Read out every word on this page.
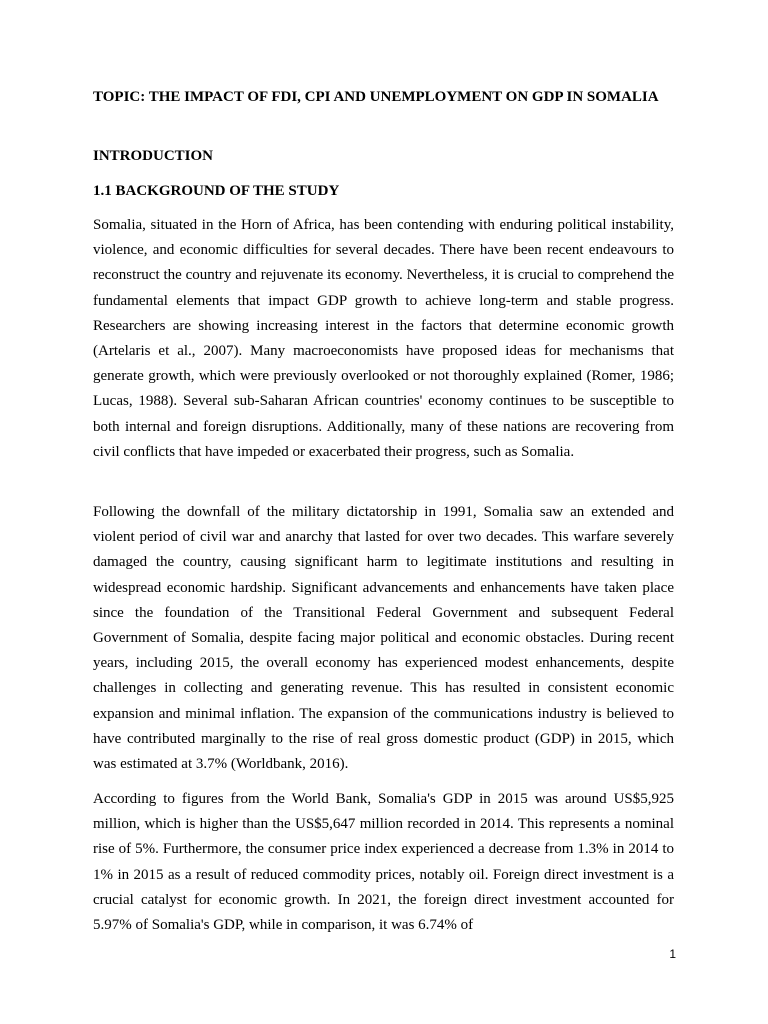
TOPIC: THE IMPACT OF FDI, CPI AND UNEMPLOYMENT ON GDP IN SOMALIA
INTRODUCTION
1.1 BACKGROUND OF THE STUDY

Somalia, situated in the Horn of Africa, has been contending with enduring political instability, violence, and economic difficulties for several decades. There have been recent endeavours to reconstruct the country and rejuvenate its economy. Nevertheless, it is crucial to comprehend the fundamental elements that impact GDP growth to achieve long-term and stable progress. Researchers are showing increasing interest in the factors that determine economic growth (Artelaris et al., 2007). Many macroeconomists have proposed ideas for mechanisms that generate growth, which were previously overlooked or not thoroughly explained (Romer, 1986; Lucas, 1988). Several sub-Saharan African countries' economy continues to be susceptible to both internal and foreign disruptions. Additionally, many of these nations are recovering from civil conflicts that have impeded or exacerbated their progress, such as Somalia.

Following the downfall of the military dictatorship in 1991, Somalia saw an extended and violent period of civil war and anarchy that lasted for over two decades. This warfare severely damaged the country, causing significant harm to legitimate institutions and resulting in widespread economic hardship. Significant advancements and enhancements have taken place since the foundation of the Transitional Federal Government and subsequent Federal Government of Somalia, despite facing major political and economic obstacles. During recent years, including 2015, the overall economy has experienced modest enhancements, despite challenges in collecting and generating revenue. This has resulted in consistent economic expansion and minimal inflation. The expansion of the communications industry is believed to have contributed marginally to the rise of real gross domestic product (GDP) in 2015, which was estimated at 3.7% (Worldbank, 2016).

According to figures from the World Bank, Somalia's GDP in 2015 was around US$5,925 million, which is higher than the US$5,647 million recorded in 2014. This represents a nominal rise of 5%. Furthermore, the consumer price index experienced a decrease from 1.3% in 2014 to 1% in 2015 as a result of reduced commodity prices, notably oil. Foreign direct investment is a crucial catalyst for economic growth. In 2021, the foreign direct investment accounted for 5.97% of Somalia's GDP, while in comparison, it was 6.74% of

1
